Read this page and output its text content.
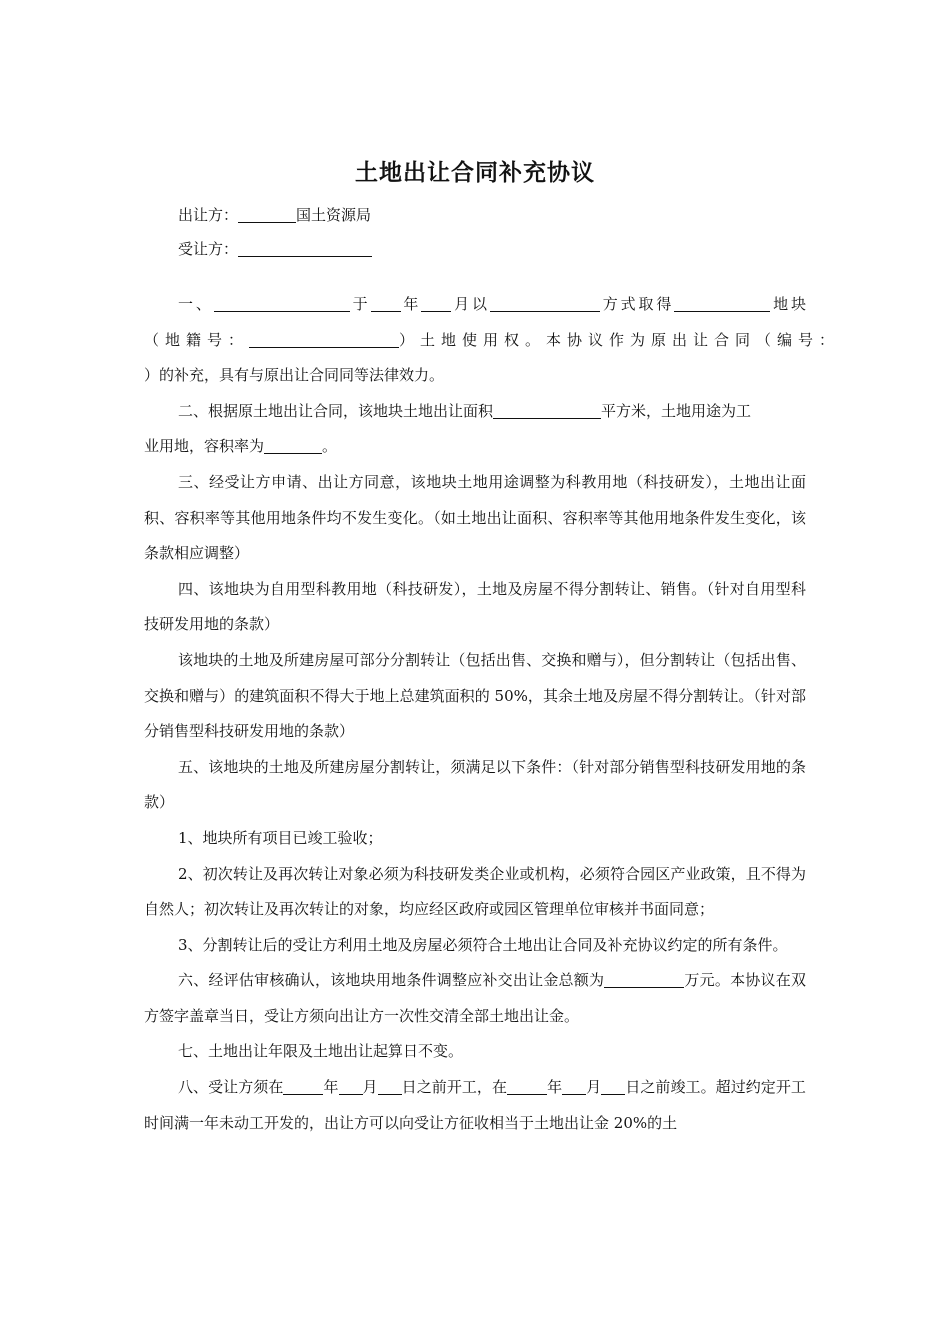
土地出让合同补充协议
出让方：	国土资源局
受让方：
一、	于 年 月以	方式取得	地块
（地籍号：	）土地使用权。本协议作为原出让合同（编号：
）的补充，具有与原出让合同同等法律效力。
二、根据原土地出让合同，该地块土地出让面积	平方米，土地用途为工
业用地，容积率为	。

三、经受让方申请、出让方同意，该地块土地用途调整为科教用地（科技研发），土地出让面积、容积率等其他用地条件均不发生变化。（如土地出让面积、容积率等其他用地条件发生变化，该条款相应调整）

四、该地块为自用型科教用地（科技研发），土地及房屋不得分割转让、销售。（针对自用型科技研发用地的条款）

该地块的土地及所建房屋可部分分割转让（包括出售、交换和赠与），但分割转让（包括出售、交换和赠与）的建筑面积不得大于地上总建筑面积的 50%，其余土地及房屋不得分割转让。（针对部分销售型科技研发用地的条款）

五、该地块的土地及所建房屋分割转让，须满足以下条件：（针对部分销售型科技研发用地的条款）

1、地块所有项目已竣工验收；

2、初次转让及再次转让对象必须为科技研发类企业或机构，必须符合园区产业政策，且不得为自然人；初次转让及再次转让的对象，均应经区政府或园区管理单位审核并书面同意；

3、分割转让后的受让方利用土地及房屋必须符合土地出让合同及补充协议约定的所有条件。

六、经评估审核确认，该地块用地条件调整应补交出让金总额为	万元。本协议在双方签字盖章当日，受让方须向出让方一次性交清全部土地出让金。

七、土地出让年限及土地出让起算日不变。

八、受让方须在	年 月 日之前开工，在	年 月 日之前竣工。超过约定开工时间满一年未动工开发的，出让方可以向受让方征收相当于土地出让金 20%的土
